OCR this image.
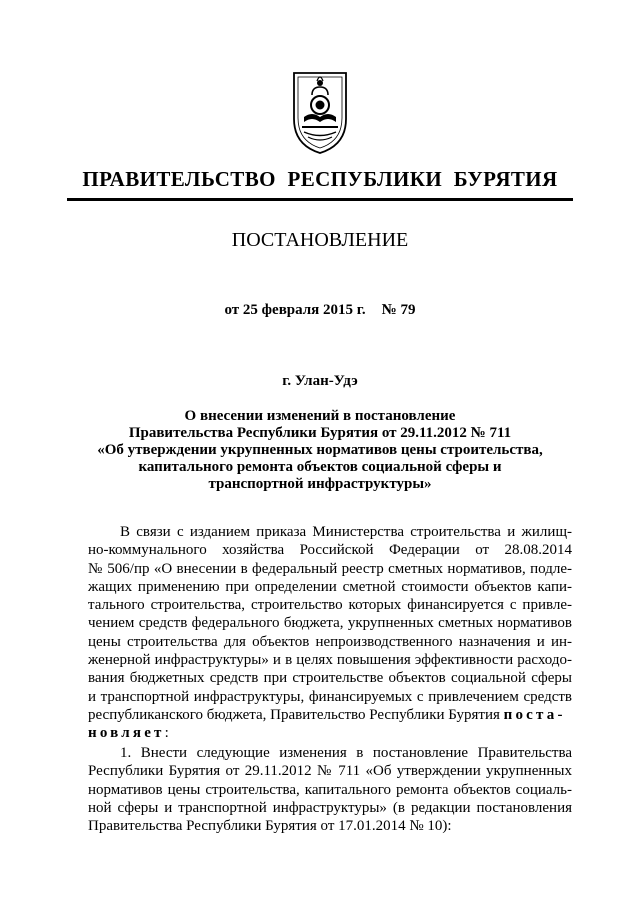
ПРАВИТЕЛЬСТВО РЕСПУБЛИКИ БУРЯТИЯ
ПОСТАНОВЛЕНИЕ
от 25 февраля 2015 г. № 79
г. Улан-Удэ
О внесении изменений в постановление
Правительства Республики Бурятия от 29.11.2012 № 711
«Об утверждении укрупненных нормативов цены строительства,
капитального ремонта объектов социальной сферы и
транспортной инфраструктуры»
В связи с изданием приказа Министерства строительства и жилищ-
но-коммунального хозяйства Российской Федерации от 28.08.2014
№ 506/пр «О внесении в федеральный реестр сметных нормативов, подле-
жащих применению при определении сметной стоимости объектов капи-
тального строительства, строительство которых финансируется с привле-
чением средств федерального бюджета, укрупненных сметных нормативов
цены строительства для объектов непроизводственного назначения и ин-
женерной инфраструктуры» и в целях повышения эффективности расходо-
вания бюджетных средств при строительстве объектов социальной сферы
и транспортной инфраструктуры, финансируемых с привлечением средств
республиканского бюджета, Правительство Республики Бурятия поста-
новляет:
1. Внести следующие изменения в постановление Правительства
Республики Бурятия от 29.11.2012 № 711 «Об утверждении укрупненных
нормативов цены строительства, капитального ремонта объектов социаль-
ной сферы и транспортной инфраструктуры» (в редакции постановления
Правительства Республики Бурятия от 17.01.2014 № 10):
